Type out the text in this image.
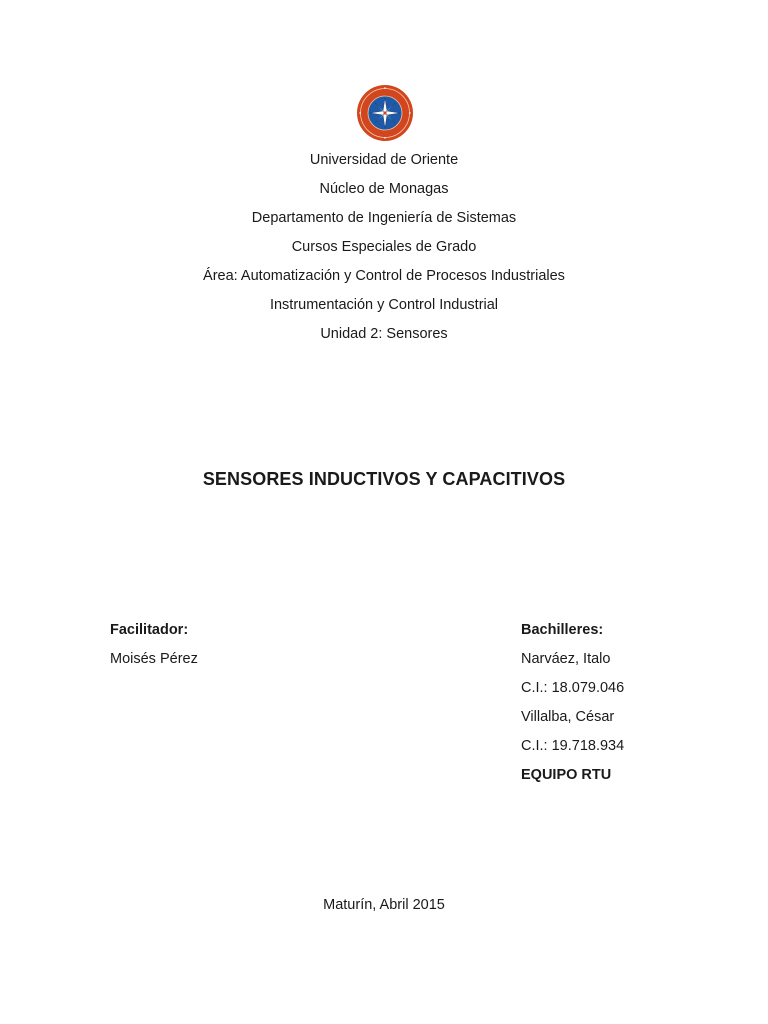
Universidad de Oriente
Núcleo de Monagas
Departamento de Ingeniería de Sistemas
Cursos Especiales de Grado
Área: Automatización y Control de Procesos Industriales
Instrumentación y Control Industrial
Unidad 2: Sensores
SENSORES INDUCTIVOS Y CAPACITIVOS
Facilitador:
Moisés Pérez
Bachilleres:
Narváez, Italo
C.I.: 18.079.046
Villalba, César
C.I.: 19.718.934
EQUIPO RTU
Maturín, Abril 2015
